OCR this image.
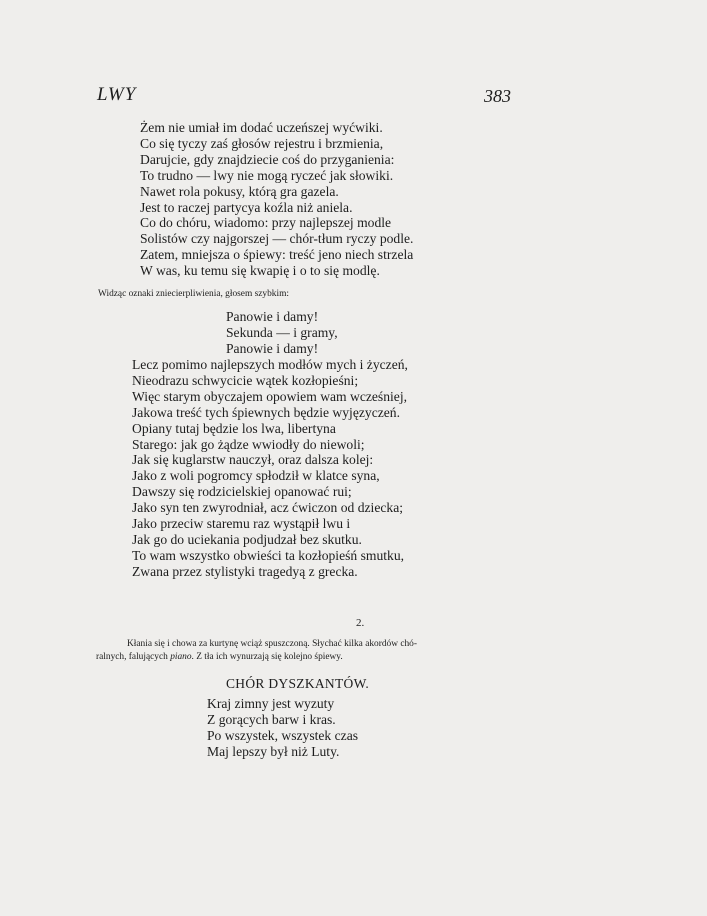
LWY	383
Żem nie umiał im dodać uczeńszej wyćwiki.
Co się tyczy zaś głosów rejestru i brzmienia,
Darujcie, gdy znajdziecie coś do przyganienia:
To trudno — lwy nie mogą ryczeć jak słowiki.
Nawet rola pokusy, którą gra gazela.
Jest to raczej partycya koźla niż aniela.
Co do chóru, wiadomo: przy najlepszej modle
Solistów czy najgorszej — chór-tłum ryczy podle.
Zatem, mniejsza o śpiewy: treść jeno niech strzela
W was, ku temu się kwapię i o to się modlę.

Widząc oznaki zniecierpliwienia, głosem szybkim:

Panowie i damy!
Sekunda — i gramy,
Panowie i damy!
Lecz pomimo najlepszych modłów mych i życzeń,
Nieodrazu schwycicie wątek kozłopieśni;
Więc starym obyczajem opowiem wam wcześniej,
Jakowa treść tych śpiewnych będzie wyjęzyczeń.
Opiany tutaj będzie los lwa, libertyna
Starego: jak go żądze wwiodły do niewoli;
Jak się kuglarstw nauczył, oraz dalsza kolej:
Jako z woli pogromcy spłodził w klatce syna,
Dawszy się rodzicielskiej opanować rui;
Jako syn ten zwyrodniał, acz ćwiczon od dziecka;
Jako przeciw staremu raz wystąpił lwu i
Jak go do uciekania podjudzał bez skutku.
To wam wszystko obwieści ta kozłopieśń smutku,
Zwana przez stylistyki tragedyą z grecka.
2.

Kłania się i chowa za kurtynę wciąż spuszczoną. Słychać kilka akordów chó-
ralnych, falujących piano. Z tła ich wynurzają się kolejno śpiewy.

CHÓR DYSZKANTÓW.
Kraj zimny jest wyzuty
Z gorących barw i kras.
Po wszystek, wszystek czas
Maj lepszy był niż Luty.
